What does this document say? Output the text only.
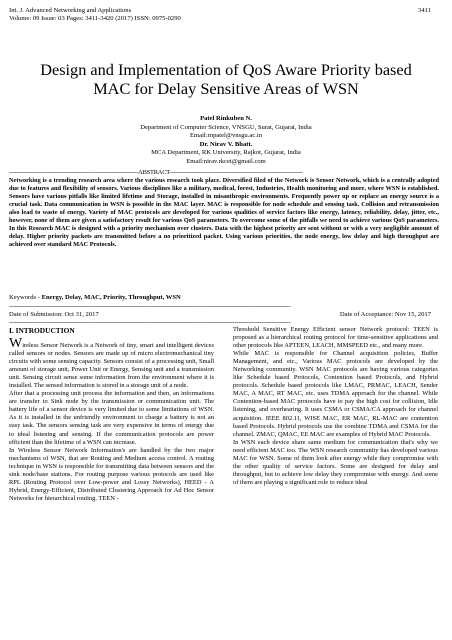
Int. J. Advanced Networking and Applications
Volume: 09 Issue: 03 Pages: 3411-3420 (2017) ISSN: 0975-0290
3411
Design and Implementation of QoS Aware Priority based MAC for Delay Sensitive Areas of WSN
Patel Rinkuben N.
Department of Computer Science, VNSGU, Surat, Gujarat, India
Email:rnpatel@vnsgu.ac.in
Dr. Nirav V. Bhatt.
MCA Department, RK University, Rajkot, Gujarat, India
Email:nirav.rkcet@gmail.com
-------------------------------------------------------------------ABSTRACT---------------------------------------------------------------------
Networking is a trending research area where the various research took place. Diversified filed of the Network is Sensor Network, which is a centrally adopted due to features and flexibility of sensors. Various disciplines like a military, medical, forest, Industries, Health monitoring and more, where WSN is established. Sensors have various pitfalls like limited lifetime and Storage, installed in misanthropic environments. Frequently power up or replace an energy source is a crucial task. Data communication in WSN is possible in the MAC layer. MAC is responsible for node schedule and sensing task. Collision and retransmission also lead to waste of energy. Variety of MAC protocols are developed for various qualities of service factors like energy, latency, reliability, delay, jitter, etc., however, none of them are given a satisfactory result for various QoS parameters. To overcome some of the pitfalls we need to achieve various QoS parameters. In this Research MAC is designed with a priority mechanism over clusters. Data with the highest priority are sent without or with a very negligible amount of delay. Higher priority packets are transmitted before a no prioritized packet. Using various priorities, the node energy, low delay and high throughput are achieved over standard MAC Protocols.
Keywords - Energy, Delay, MAC, Priority, Throughput, WSN
--------------------------------------------------------------------------------------------------------------------------------------------------
Date of Submission: Oct 31, 2017	Date of Acceptance: Nov 15, 2017
--------------------------------------------------------------------------------------------------------------------------------------------------
I. INTRODUCTION

Wireless Sensor Network is a Network of tiny, smart and intelligent devices called sensors or nodes. Sensors are made up of micro electromechanical tiny circuits with some sensing capacity. Sensors consist of a processing unit, Small amount of storage unit, Power Unit or Energy, Sensing unit and a transmission unit. Sensing circuit sense some information from the environment where it is installed. The sensed information is stored in a storage unit of a node.

After that a processing unit process the information and then, an informations are transfer to Sink node by the transmission or communication unit. The battery life of a sensor device is very limited due to some limitations of WSN. As it is installed in the unfriendly environment to charge a battery is not an easy task. The sensors sensing task are very expensive in terms of energy due to ideal listening and sensing. If the communication protocols are power efficient than the lifetime of a WSN can increase.

In Wireless Sensor Network Information's are handled by the two major mechanisms of WSN, that are Routing and Medium access control. A routing technique in WSN is responsible for transmitting data between sensors and the sink node/base stations. For routing purpose various protocols are used like RPL (Routing Protocol over Low-power and Lossy Networks), HEED - A Hybrid, Energy-Efficient, Distributed Clustering Approach for Ad Hoc Sensor Networks for hierarchical routing. TEEN -

Threshold Sensitive Energy Efficient sensor Network protocol: TEEN is proposed as a hierarchical routing protocol for time-sensitive applications and other protocols like APTEEN, LEACH, MMSPEED etc., and many more.

While MAC is responsible for Channel acquisition policies, Buffer Management, and etc., Various MAC protocols are developed by the Networking community. WSN MAC protocols are having various categories like Schedule based Protocols, Contention based Protocols, and Hybrid protocols. Schedule based protocols like LMAC, PRMAC, LEACH, Sender MAC, A MAC, RT MAC, etc. uses TDMA approach for the channel. While Contention-based MAC protocols have to pay the high cost for collision, Idle listening, and overhearing. It uses CSMA or CSMA/CA approach for channel acquisition. IEEE 802.11, WISE MAC, ER MAC, RL-MAC are contention based Protocols. Hybrid protocols use the combine TDMA and CSMA for the channel. ZMAC, QMAC, EE MAC are examples of Hybrid MAC Protocols.

In WSN each device share same medium for communication that's why we need efficient MAC too. The WSN research community has developed various MAC for WSN. Some of them look after energy while they compromise with the other quality of service factors. Some are designed for delay and throughput, but to achieve low delay they compromise with energy. And some of them are playing a significant role to reduce ideal
